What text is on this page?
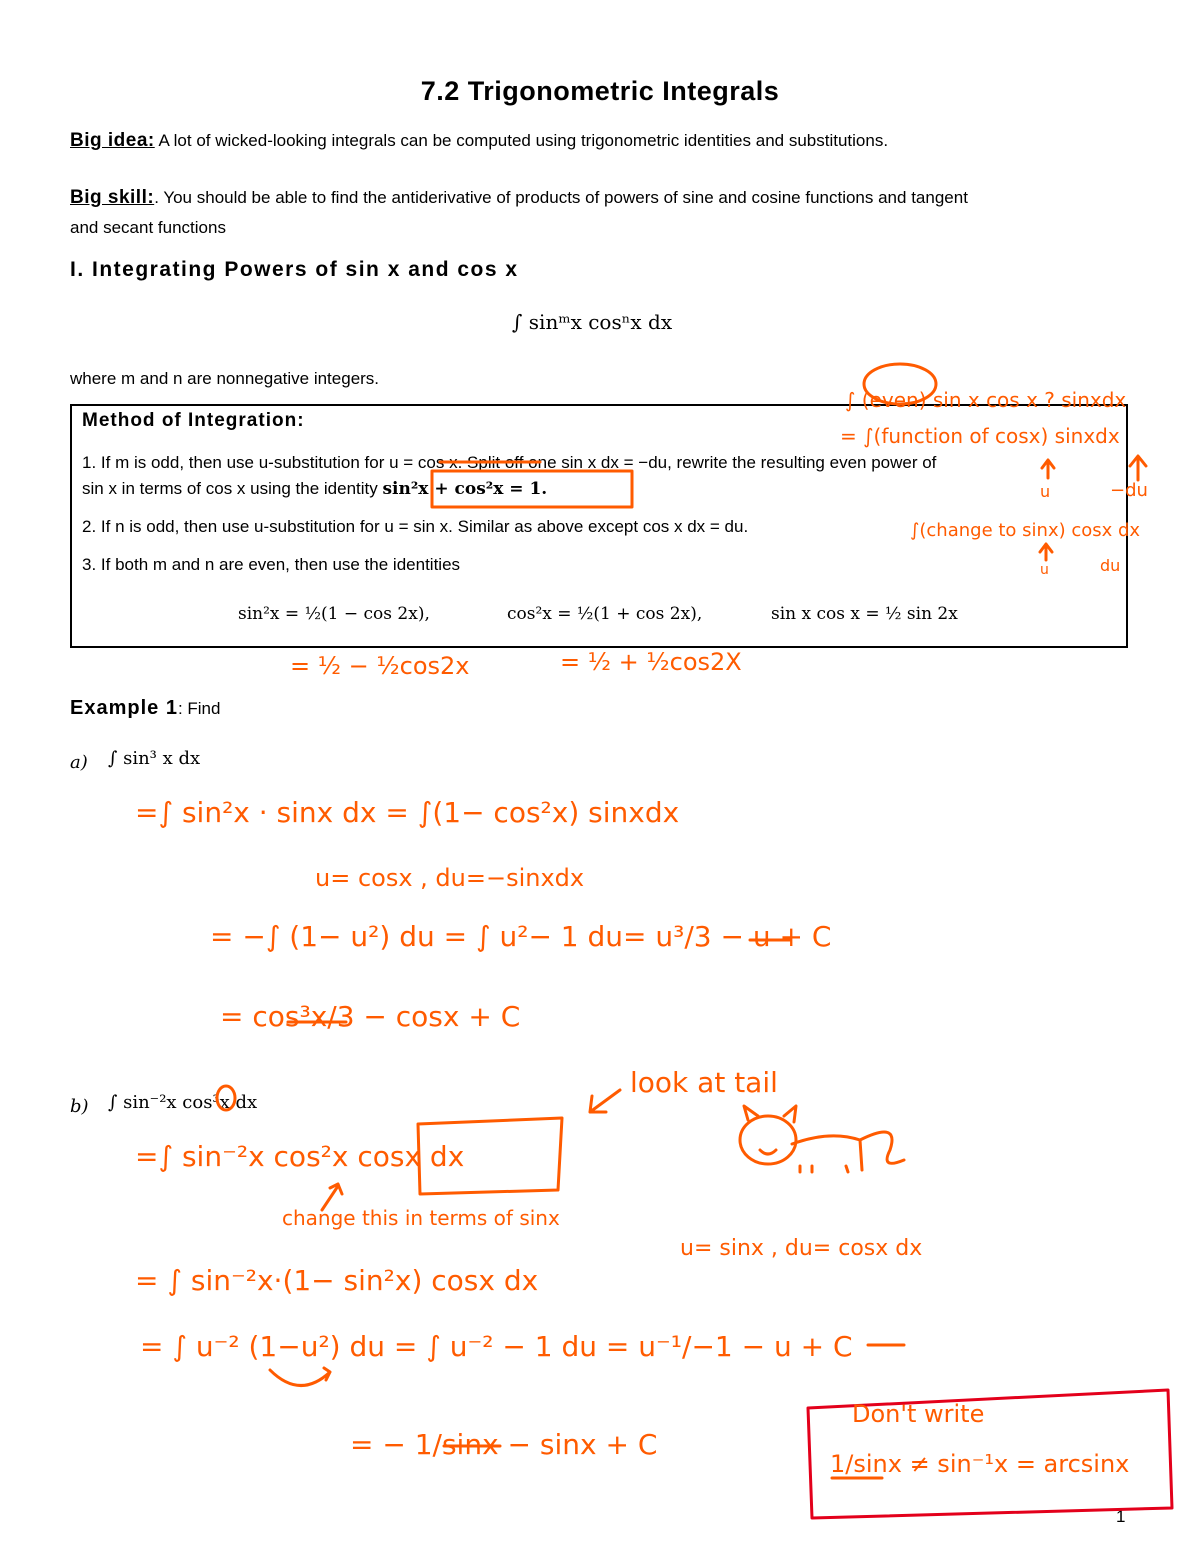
7.2 Trigonometric Integrals
Big idea: A lot of wicked-looking integrals can be computed using trigonometric identities and substitutions.
Big skill:. You should be able to find the antiderivative of products of powers of sine and cosine functions and tangent
and secant functions
I. Integrating Powers of sin x and cos x
∫ sinᵐx cosⁿx dx
where m and n are nonnegative integers.
Method of Integration:
1. If m is odd, then use u-substitution for u = cos x. Split off one sin x dx = −du, rewrite the resulting even power of
sin x in terms of cos x using the identity sin²x + cos²x = 1.
2. If n is odd, then use u-substitution for u = sin x. Similar as above except cos x dx = du.
3. If both m and n are even, then use the identities
sin²x = ½(1 − cos 2x),	cos²x = ½(1 + cos 2x),	sin x cos x = ½ sin 2x
Example 1: Find
a) ∫ sin³ x dx
b) ∫ sin⁻²x cos³x dx
1
∫ (even) sin x cos x ? sinxdx
= ∫(function of cosx) sinxdx
u	−du
∫(change to sinx) cosx dx
u	du
= ½ − ½cos2x	= ½ + ½cos2X
=∫ sin²x · sinx dx = ∫(1− cos²x) sinxdx
u= cosx , du=−sinxdx
= −∫ (1− u²) du = ∫ u²− 1 du= u³/3 − u + C
= cos³x/3 − cosx + C
look at tail
=∫ sin⁻²x cos²x cosx dx
change this in terms of sinx
u= sinx , du= cosx dx
= ∫ sin⁻²x·(1− sin²x) cosx dx
= ∫ u⁻² (1−u²) du = ∫ u⁻² − 1 du = u⁻¹/−1 − u + C
= − 1/sinx − sinx + C
Don't write
1/sinx ≠ sin⁻¹x = arcsinx
